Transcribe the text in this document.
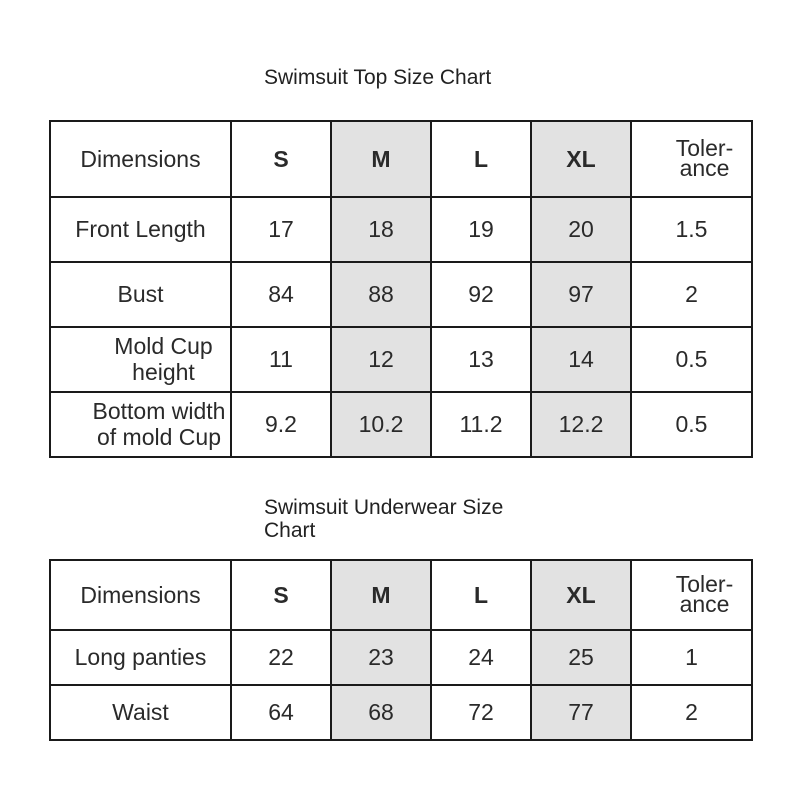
Swimsuit Top Size Chart
Dimensions	S	M	L	XL	Toler-
ance

Front Length	17	18	19	20	1.5
Bust	84	88	92	97	2

Mold Cup
height	11	12	13	14	0.5

Bottom width
of mold Cup	9.2	10.2	11.2	12.2	0.5
Swimsuit Underwear Size Chart
Dimensions	S	M	L	XL	Toler-
ance

Long panties	22	23	24	25	1
Waist	64	68	72	77	2
